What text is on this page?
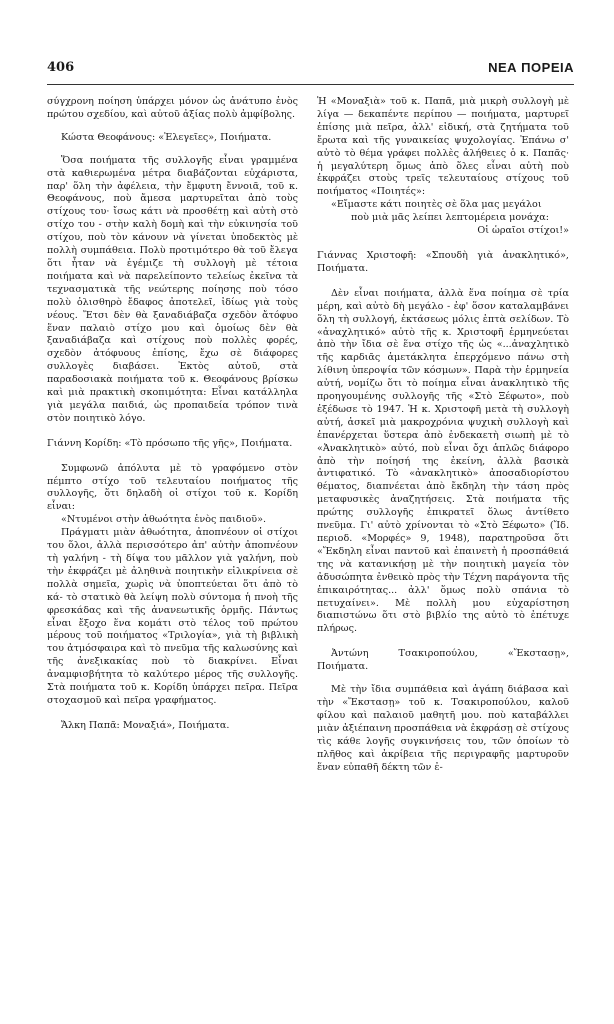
406	ΝΕΑ ΠΟΡΕΙΑ

σύγχρονη ποίηση ὑπάρχει μόνον ὡς ἀνάτυπο ἑνὸς πρώτου σχεδίου, καὶ αὐτοῦ ἀξίας πολὺ ἀμφίβολης.

Κώστα Θεοφάνους: «Ἐλεγεῖες», Ποιήματα.

Ὅσα ποιήματα τῆς συλλογῆς εἶναι γραμμένα στὰ καθιερωμένα μέτρα διαβάζονται εὐχάριστα, παρ' ὅλη τὴν ἀφέλεια, τὴν ἔμφυτη ἔννοιᾶ, τοῦ κ. Θεοφάνους, ποὺ ἄμεσα μαρτυρεῖται ἀπὸ τοὺς στίχους του· ἴσως κάτι νὰ προσθέτῃ καὶ αὐτὴ στὸ στίχο του - στὴν καλὴ δομὴ καὶ τὴν εὐκινησία τοῦ στίχου, ποὺ τὸν κάνουν νὰ γίνεται ὑποδεκτὸς μὲ πολλὴ συμπάθεια. Πολὺ προτιμότερο θὰ τοῦ ἔλεγα ὅτι ἦταν νὰ ἐγέμιζε τὴ συλλογὴ μὲ τέτοια ποιήματα καὶ νὰ παρελείποντο τελείως ἐκεῖνα τὰ τεχνασματικὰ τῆς νεώτερης ποίησης ποὺ τόσο πολὺ ὀλισθηρὸ ἔδαφος ἀποτελεῖ, ἰδίως γιὰ τοὺς νέους. Ἔτσι δὲν θὰ ξαναδιάβαζα σχεδὸν ἄτόφυο ἕναν παλαιὸ στίχο μου καὶ ὁμοίως δὲν θὰ ξαναδιάβαζα καὶ στίχους ποὺ πολλὲς φορές, σχεδὸν ἀτόφυους ἐπίσης, ἔχω σὲ διάφορες συλλογὲς διαβάσει. Ἐκτὸς αὐτοῦ, στὰ παραδοσιακὰ ποιήματα τοῦ κ. Θεοφάνους βρίσκω καὶ μιὰ πρακτικὴ σκοπιμότητα: Εἶναι κατάλληλα γιὰ μεγάλα παιδιά, ὡς προπαιδεία τρόπον τινὰ στὸν ποιητικὸ λόγο.

Γιάννη Κορίδη: «Τὸ πρόσωπο τῆς γῆς», Ποιήματα.

Συμφωνῶ ἀπόλυτα μὲ τὸ γραφόμενο στὸν πέμπτο στίχο τοῦ τελευταίου ποιήματος τῆς συλλογῆς, ὅτι δηλαδὴ οἱ στίχοι τοῦ κ. Κορίδη εἶναι:

«Ντυμένοι στὴν ἀθωότητα ἑνὸς παιδιοῦ».

Πράγματι μιὰν ἀθωότητα, ἀποπνέουν οἱ στίχοι του ὅλοι, ἀλλὰ περισσότερο ἀπ' αὐτὴν ἀποπνέουν τὴ γαλήνη - τὴ δίψα του μᾶλλον γιὰ γαλήνη, ποὺ τὴν ἐκφράζει μὲ ἀληθινὰ ποιητικὴν εἰλικρίνεια σὲ πολλὰ σημεῖα, χωρὶς νὰ ὑποπτεύεται ὅτι ἀπὸ τὸ κά- τὸ στατικὸ θὰ λείψη πολὺ σύντομα ἡ πνοὴ τῆς φρεσκάδας καὶ τῆς ἀνανεωτικῆς ὁρμῆς. Πάντως εἶναι ἔξοχο ἕνα κομάτι στὸ τέλος τοῦ πρώτου μέρους τοῦ ποιήματος «Τριλογία», γιὰ τὴ βιβλικὴ του ἀτμόσφαιρα καὶ τὸ πνεῦμα τῆς καλωσύνης καὶ τῆς ἀνεξικακίας ποὺ τὸ διακρίνει. Εἶναι ἀναμφισβήτητα τὸ καλύτερο μέρος τῆς συλλογῆς. Στὰ ποιήματα τοῦ κ. Κορίδη ὑπάρχει πεῖρα. Πεῖρα στοχασμοῦ καὶ πεῖρα γραφήματος.

Ἄλκη Παπᾶ: Μοναξιά», Ποιήματα.

Ἡ «Μοναξιὰ» τοῦ κ. Παπᾶ, μιὰ μικρὴ συλλογὴ μὲ λίγα — δεκαπέντε περίπου — ποιήματα, μαρτυρεῖ ἐπίσης μιὰ πεῖρα, ἀλλ' εἰδική, στὰ ζητήματα τοῦ ἔρωτα καὶ τῆς γυναικείας ψυχολογίας. Ἐπάνω σ' αὐτὸ τὸ θέμα γράφει πολλὲς ἀλήθειες ὁ κ. Παπᾶς· ἡ μεγαλύτερη ὅμως ἀπὸ ὅλες εἶναι αὐτὴ ποὺ ἐκφράζει στοὺς τρεῖς τελευταίους στίχους τοῦ ποιήματος «Ποιητές»:

«Εἴμαστε κάτι ποιητὲς σὲ ὅλα μας μεγάλοι

ποὺ μιὰ μᾶς λείπει λεπτομέρεια μονάχα:

Οἱ ὡραῖοι στίχοι!»

Γιάννας Χριστοφῆ: «Σπουδὴ γιὰ ἀνακλητικό», Ποιήματα.

Δὲν εἶναι ποιήματα, ἀλλὰ ἕνα ποίημα σὲ τρία μέρη, καὶ αὐτὸ δὴ μεγάλο - ἐφ' ὅσον καταλαμβάνει ὅλη τὴ συλλογή, ἐκτάσεως μόλις ἑπτὰ σελίδων. Τὸ «ἀναχλητικό» αὐτὸ τῆς κ. Χριστοφῆ ἑρμηνεύεται ἀπὸ τὴν ἴδια σὲ ἕνα στίχο τῆς ὡς «...ἀναχλητικὸ τῆς καρδιᾶς ἀμετάκλητα ἐπερχόμενο πάνω στὴ λίθινη ὑπεροψία τῶν κόσμων». Παρὰ τὴν ἑρμηνεία αὐτή, νομίζω ὅτι τὸ ποίημα εἶναι ἀνακλητικὸ τῆς προηγουμένης συλλογῆς τῆς «Στὸ Ξέφωτο», ποὺ ἐξέδωσε τὸ 1947. Ἡ κ. Χριστοφῆ μετὰ τὴ συλλογὴ αὐτή, ἀσκεῖ μιὰ μακροχρόνια ψυχικὴ συλλογὴ καὶ ἐπανέρχεται ὕστερα ἀπὸ ἑνδεκαετὴ σιωπὴ μὲ τὸ «Ἀνακλητικὸ» αὐτό, ποὺ εἶναι ὄχι ἁπλῶς διάφορο ἀπὸ τὴν ποίησή της ἐκείνη, ἀλλὰ βασικὰ ἀντιφατικό. Τὸ «ἀνακλητικὸ» ἀποσαδιορίστου θέματος, διαπνέεται ἀπὸ ἔκδηλη τὴν τάση πρὸς μεταφυσικὲς ἀναζητήσεις. Στὰ ποιήματα τῆς πρώτης συλλογῆς ἐπικρατεῖ ὅλως ἀντίθετο πνεῦμα. Γι' αὐτὸ χρίνονται τὸ «Στὸ Ξέφωτο» (Ἴδ. περιοδ. «Μορφές» 9, 1948), παρατηροῦσα ὅτι «Ἔκδηλη εἶναι παντοῦ καὶ ἐπαινετὴ ἡ προσπάθειά της νὰ κατανικήσῃ μὲ τὴν ποιητικὴ μαγεία τὸν ἀδυσώπητα ἐνθεικὸ πρὸς τὴν Τέχνη παράγοντα τῆς ἐπικαιρότητας... ἀλλ' ὅμως πολὺ σπάνια τὸ πετυχαίνει». Μὲ πολλὴ μου εὐχαρίστηση διαπιστώνω ὅτι στὸ βιβλίο της αὐτὸ τὸ ἐπέτυχε πλήρως.

Ἀντώνη Τσακιροπούλου, «Ἔκστασῃ», Ποιήματα.

Μὲ τὴν ἴδια συμπάθεια καὶ ἀγάπη διάβασα καὶ τὴν «Ἔκστασῃ» τοῦ κ. Τσακιροπούλου, καλοῦ φίλου καὶ παλαιοῦ μαθητῆ μου. ποὺ καταβάλλει μιὰν ἀξιέπαινη προσπάθεια νὰ ἐκφράσῃ σὲ στίχους τὶς κάθε λογῆς συγκινήσεις του, τῶν ὁποίων τὸ πλῆθος καὶ ἀκρίβεια τῆς περιγραφῆς μαρτυροῦν ἕναν εὐπαθῆ δέκτη τῶν ἐ-
